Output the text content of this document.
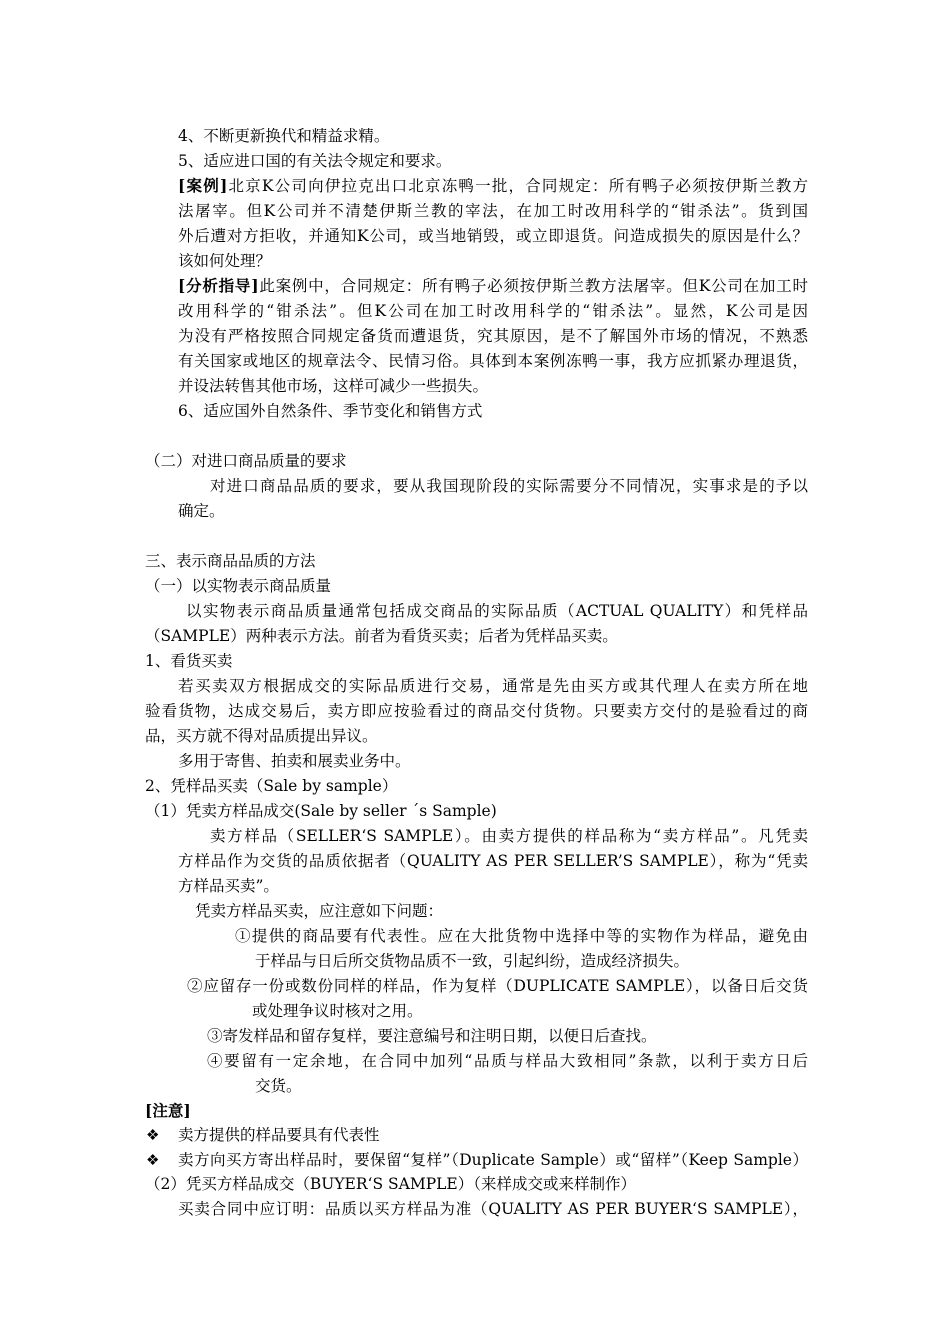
4、不断更新换代和精益求精。
5、适应进口国的有关法令规定和要求。
[案例]北京K公司向伊拉克出口北京冻鸭一批，合同规定：所有鸭子必须按伊斯兰教方
法屠宰。但K公司并不清楚伊斯兰教的宰法，在加工时改用科学的“钳杀法”。货到国
外后遭对方拒收，并通知K公司，或当地销毁，或立即退货。问造成损失的原因是什么？
该如何处理？
[分析指导]此案例中，合同规定：所有鸭子必须按伊斯兰教方法屠宰。但K公司在加工时
改用科学的“钳杀法”。但K公司在加工时改用科学的“钳杀法”。显然，K公司是因
为没有严格按照合同规定备货而遭退货，究其原因，是不了解国外市场的情况，不熟悉
有关国家或地区的规章法令、民情习俗。具体到本案例冻鸭一事，我方应抓紧办理退货，
并设法转售其他市场，这样可减少一些损失。
6、适应国外自然条件、季节变化和销售方式
（二）对进口商品质量的要求
对进口商品品质的要求，要从我国现阶段的实际需要分不同情况，实事求是的予以
确定。
三、表示商品品质的方法
（一）以实物表示商品质量
以实物表示商品质量通常包括成交商品的实际品质（ACTUAL QUALITY）和凭样品
（SAMPLE）两种表示方法。前者为看货买卖；后者为凭样品买卖。
1、看货买卖
若买卖双方根据成交的实际品质进行交易，通常是先由买方或其代理人在卖方所在地
验看货物，达成交易后，卖方即应按验看过的商品交付货物。只要卖方交付的是验看过的商
品，买方就不得对品质提出异议。
多用于寄售、拍卖和展卖业务中。
2、凭样品买卖（Sale by sample）
（1）凭卖方样品成交(Sale by seller ˊs Sample)
卖方样品（SELLER‘S SAMPLE）。由卖方提供的样品称为“卖方样品”。凡凭卖
方样品作为交货的品质依据者（QUALITY AS PER SELLER’S SAMPLE），称为“凭卖
方样品买卖”。
凭卖方样品买卖，应注意如下问题：
①提供的商品要有代表性。应在大批货物中选择中等的实物作为样品，避免由
于样品与日后所交货物品质不一致，引起纠纷，造成经济损失。
②应留存一份或数份同样的样品，作为复样（DUPLICATE SAMPLE），以备日后交货
或处理争议时核对之用。
③寄发样品和留存复样，要注意编号和注明日期，以便日后查找。
④要留有一定余地，在合同中加列“品质与样品大致相同”条款，以利于卖方日后
交货。
[注意]
❖ 卖方提供的样品要具有代表性
❖ 卖方向买方寄出样品时，要保留“复样”（Duplicate Sample）或“留样”（Keep Sample）
（2）凭买方样品成交（BUYER‘S SAMPLE）（来样成交或来样制作）
买卖合同中应订明：品质以买方样品为准（QUALITY AS PER BUYER‘S SAMPLE），
